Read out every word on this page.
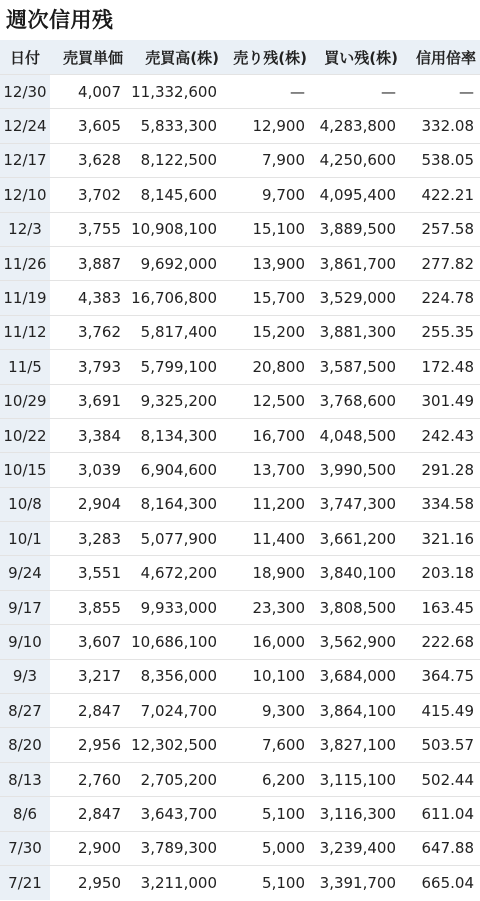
週次信用残
日付	売買単価	売買高(株)	売り残(株)	買い残(株)	信用倍率
12/30	4,007	11,332,600	—	—	—
12/24	3,605	5,833,300	12,900	4,283,800	332.08
12/17	3,628	8,122,500	7,900	4,250,600	538.05
12/10	3,702	8,145,600	9,700	4,095,400	422.21
12/3	3,755	10,908,100	15,100	3,889,500	257.58
11/26	3,887	9,692,000	13,900	3,861,700	277.82
11/19	4,383	16,706,800	15,700	3,529,000	224.78
11/12	3,762	5,817,400	15,200	3,881,300	255.35
11/5	3,793	5,799,100	20,800	3,587,500	172.48
10/29	3,691	9,325,200	12,500	3,768,600	301.49
10/22	3,384	8,134,300	16,700	4,048,500	242.43
10/15	3,039	6,904,600	13,700	3,990,500	291.28
10/8	2,904	8,164,300	11,200	3,747,300	334.58
10/1	3,283	5,077,900	11,400	3,661,200	321.16
9/24	3,551	4,672,200	18,900	3,840,100	203.18
9/17	3,855	9,933,000	23,300	3,808,500	163.45
9/10	3,607	10,686,100	16,000	3,562,900	222.68
9/3	3,217	8,356,000	10,100	3,684,000	364.75
8/27	2,847	7,024,700	9,300	3,864,100	415.49
8/20	2,956	12,302,500	7,600	3,827,100	503.57
8/13	2,760	2,705,200	6,200	3,115,100	502.44
8/6	2,847	3,643,700	5,100	3,116,300	611.04
7/30	2,900	3,789,300	5,000	3,239,400	647.88
7/21	2,950	3,211,000	5,100	3,391,700	665.04
